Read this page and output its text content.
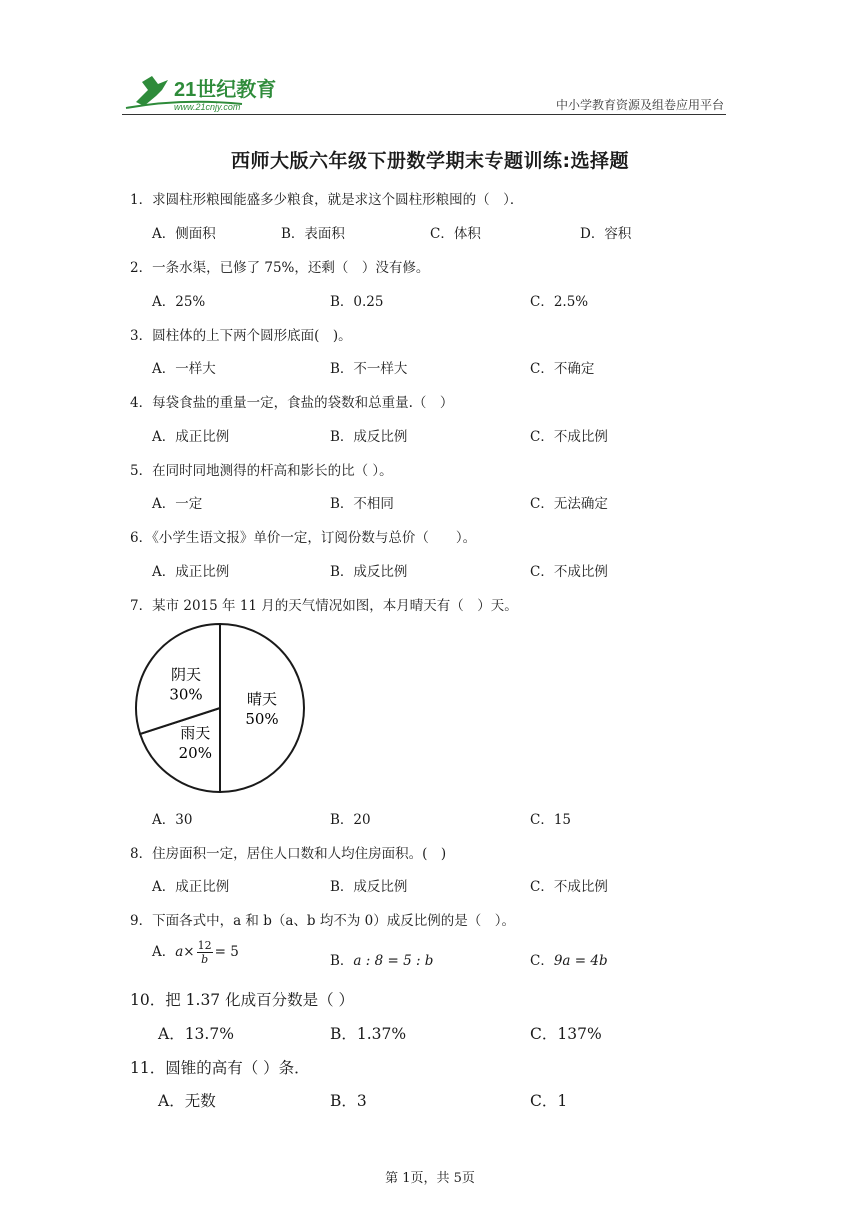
21世纪教育
www.21cnjy.com	中小学教育资源及组卷应用平台
西师大版六年级下册数学期末专题训练:选择题
1．求圆柱形粮囤能盛多少粮食，就是求这个圆柱形粮囤的（　）．
A．侧面积	B．表面积	C．体积	D．容积
2．一条水渠，已修了 75%，还剩（　）没有修。
A．25%	B．0.25	C．2.5%
3．圆柱体的上下两个圆形底面(　)。
A．一样大	B．不一样大	C．不确定
4．每袋食盐的重量一定，食盐的袋数和总重量.（　）
A．成正比例	B．成反比例	C．不成比例
5．在同时同地测得的杆高和影长的比（ ）。
A．一定	B．不相同	C．无法确定
6．《小学生语文报》单价一定，订阅份数与总价（　　）。
A．成正比例	B．成反比例	C．不成比例
7．某市 2015 年 11 月的天气情况如图，本月晴天有（　）天。
晴天
50%
雨天
20%
阴天
30%
A．30	B．20	C．15
8．住房面积一定，居住人口数和人均住房面积。(　)
A．成正比例	B．成反比例	C．不成比例
9．下面各式中，a 和 b（a、b 均不为 0）成反比例的是（　）。
A．$a\times \frac{12}{b} = 5$
B．a : 8 = 5 : b	C．9a = 4b
10．把 1.37 化成百分数是（ ）
A．13.7%	B．1.37%	C．137%
11．圆锥的高有（ ）条．
A．无数	B．3	C．1
第 1页，共 5页
